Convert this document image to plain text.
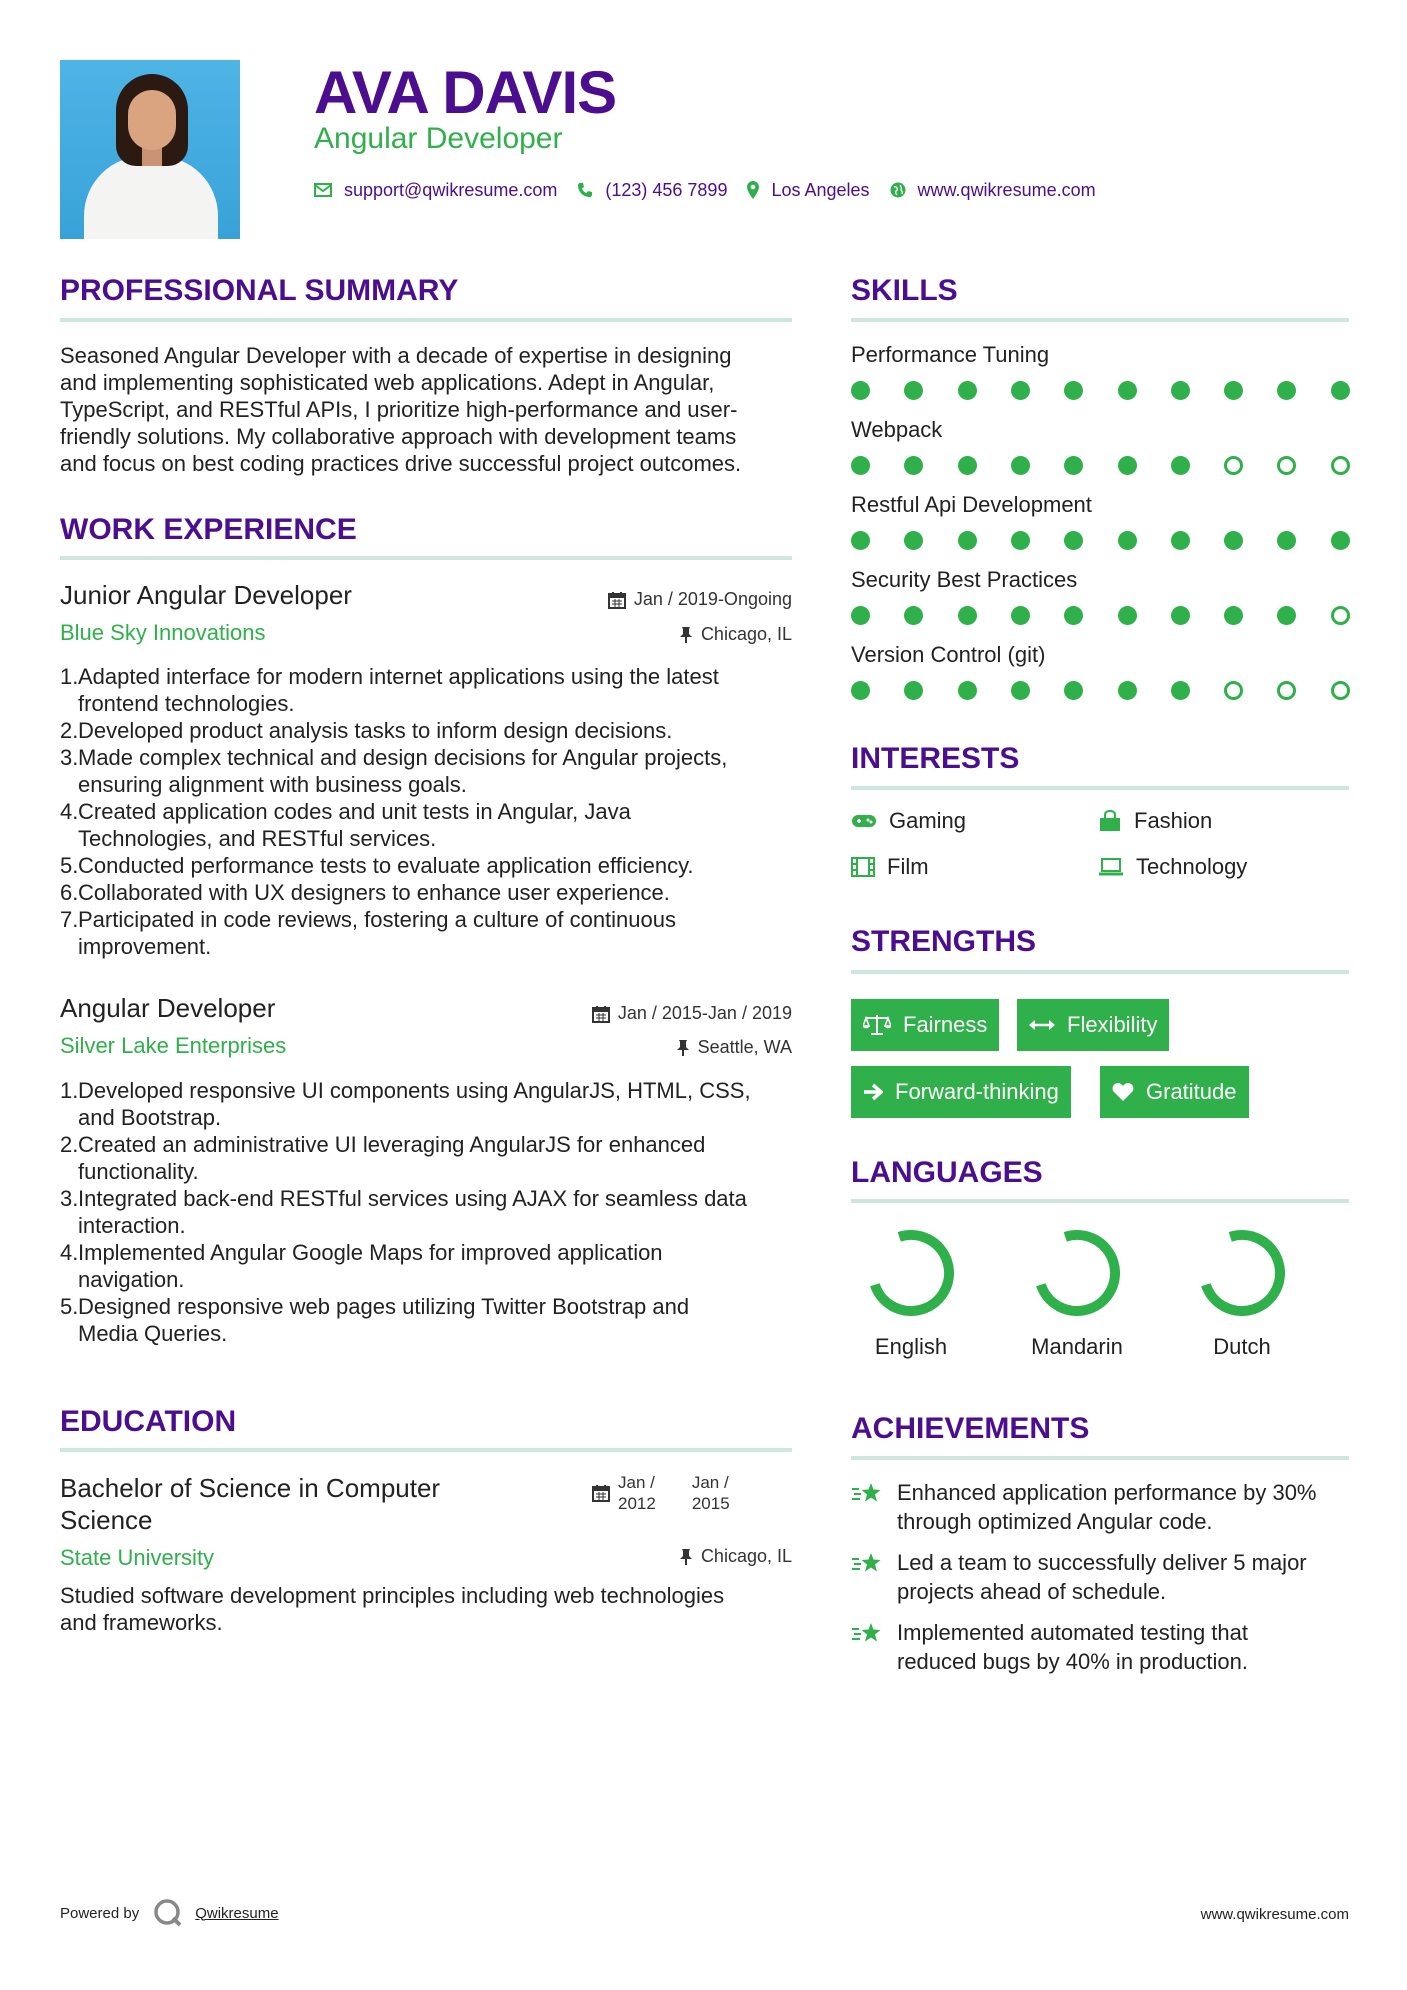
AVA DAVIS
Angular Developer
support@qwikresume.com	(123) 456 7899 Los Angeles	www.qwikresume.com
PROFESSIONAL SUMMARY
Seasoned Angular Developer with a decade of expertise in designing
and implementing sophisticated web applications. Adept in Angular,
TypeScript, and RESTful APIs, I prioritize high-performance and user-
friendly solutions. My collaborative approach with development teams
and focus on best coding practices drive successful project outcomes.
WORK EXPERIENCE
Junior Angular Developer	Jan / 2019-Ongoing
Blue Sky Innovations	Chicago, IL
1. Adapted interface for modern internet applications using the latest
frontend technologies.
2. Developed product analysis tasks to inform design decisions.
3. Made complex technical and design decisions for Angular projects,
ensuring alignment with business goals.
4. Created application codes and unit tests in Angular, Java
Technologies, and RESTful services.
5. Conducted performance tests to evaluate application efficiency.
6. Collaborated with UX designers to enhance user experience.
7. Participated in code reviews, fostering a culture of continuous
improvement.
Angular Developer	Jan / 2015-Jan / 2019
Silver Lake Enterprises	Seattle, WA
1. Developed responsive UI components using AngularJS, HTML, CSS,
and Bootstrap.
2. Created an administrative UI leveraging AngularJS for enhanced
functionality.
3. Integrated back-end RESTful services using AJAX for seamless data
interaction.
4. Implemented Angular Google Maps for improved application
navigation.
5. Designed responsive web pages utilizing Twitter Bootstrap and
Media Queries.
EDUCATION
Bachelor of Science in Computer
Science
Jan /
2012
Jan /
2015
State University	Chicago, IL
Studied software development principles including web technologies
and frameworks.
SKILLS
Performance Tuning
Webpack
Restful Api Development
Security Best Practices
Version Control (git)
INTERESTS
Gaming	Fashion
Film	Technology
STRENGTHS
Fairness	Flexibility
Forward-thinking	Gratitude
LANGUAGES
English	Mandarin	Dutch
ACHIEVEMENTS
Enhanced application performance by 30%
through optimized Angular code.
Led a team to successfully deliver 5 major
projects ahead of schedule.
Implemented automated testing that
reduced bugs by 40% in production.
Powered by	Qwikresume	www.qwikresume.com
